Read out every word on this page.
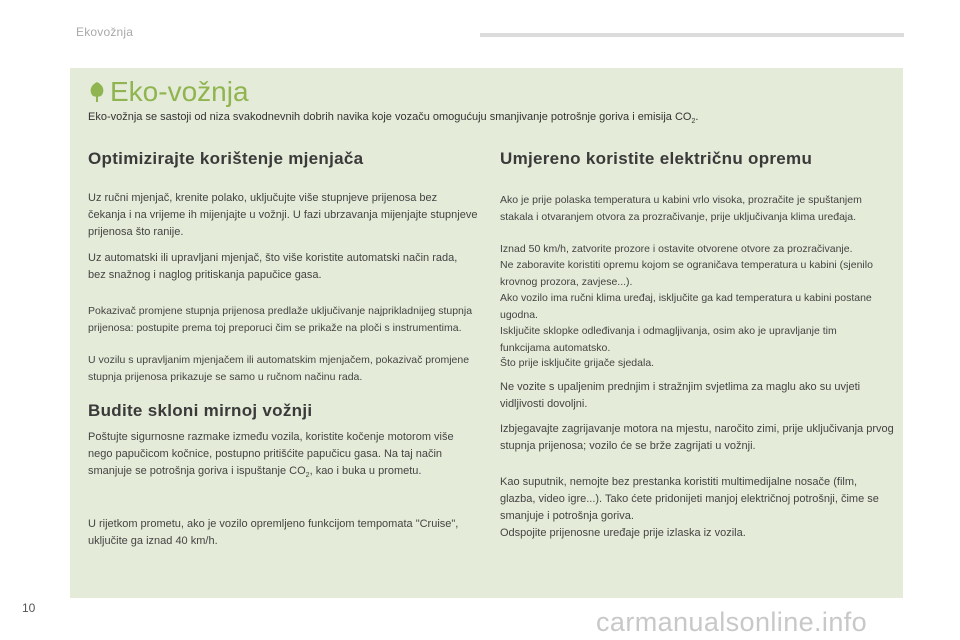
Ekovožnja
Eko-vožnja
Eko-vožnja se sastoji od niza svakodnevnih dobrih navika koje vozaču omogućuju smanjivanje potrošnje goriva i emisija $CO_2$.
Optimizirajte korištenje mjenjača
Uz ručni mjenjač, krenite polako, uključujte više stupnjeve prijenosa bez čekanja i na vrijeme ih mijenjajte u vožnji. U fazi ubrzavanja mijenjajte stupnjeve prijenosa što ranije.
Uz automatski ili upravljani mjenjač, što više koristite automatski način rada, bez snažnog i naglog pritiskanja papučice gasa.
Pokazivač promjene stupnja prijenosa predlaže uključivanje najprikladnijeg stupnja prijenosa: postupite prema toj preporuci čim se prikaže na ploči s instrumentima.
U vozilu s upravljanim mjenjačem ili automatskim mjenjačem, pokazivač promjene stupnja prijenosa prikazuje se samo u ručnom načinu rada.
Budite skloni mirnoj vožnji
Poštujte sigurnosne razmake između vozila, koristite kočenje motorom više nego papučicom kočnice, postupno pritišćite papučicu gasa. Na taj način smanjuje se potrošnja goriva i ispuštanje $CO_2$, kao i buka u prometu.
U rijetkom prometu, ako je vozilo opremljeno funkcijom tempomata "Cruise", uključite ga iznad 40 km/h.
Umjereno koristite električnu opremu
Ako je prije polaska temperatura u kabini vrlo visoka, prozračite je spuštanjem stakala i otvaranjem otvora za prozračivanje, prije uključivanja klima uređaja.
Iznad 50 km/h, zatvorite prozore i ostavite otvorene otvore za prozračivanje.
Ne zaboravite koristiti opremu kojom se ograničava temperatura u kabini (sjenilo krovnog prozora, zavjese...).
Ako vozilo ima ručni klima uređaj, isključite ga kad temperatura u kabini postane ugodna.
Isključite sklopke odleđivanja i odmagljivanja, osim ako je upravljanje tim funkcijama automatsko.
Što prije isključite grijače sjedala.
Ne vozite s upaljenim prednjim i stražnjim svjetlima za maglu ako su uvjeti vidljivosti dovoljni.
Izbjegavajte zagrijavanje motora na mjestu, naročito zimi, prije uključivanja prvog stupnja prijenosa; vozilo će se brže zagrijati u vožnji.
Kao suputnik, nemojte bez prestanka koristiti multimedijalne nosače (film, glazba, video igre...). Tako ćete pridonijeti manjoj električnoj potrošnji, čime se smanjuje i potrošnja goriva.
Odspojite prijenosne uređaje prije izlaska iz vozila.
10	carmanualsonline.info
